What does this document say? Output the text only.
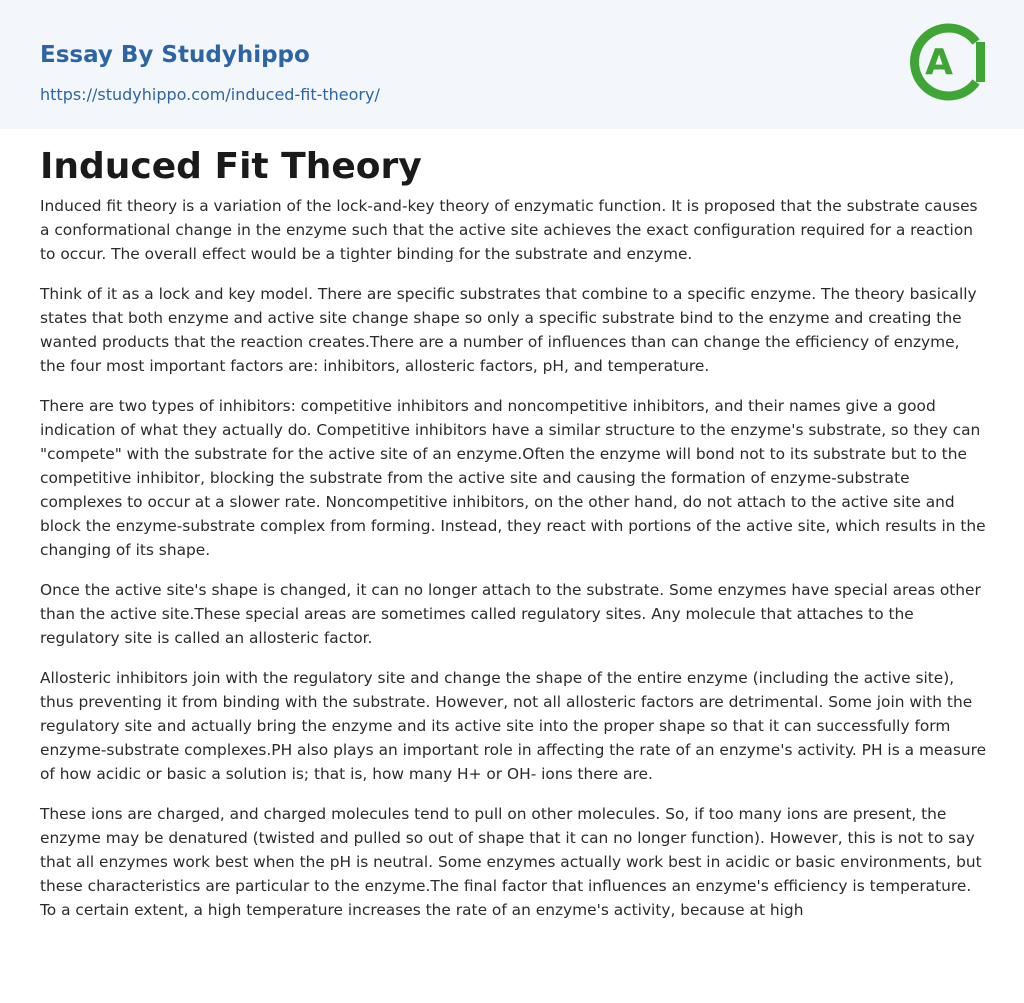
Essay By Studyhippo
https://studyhippo.com/induced-fit-theory/
A
Induced Fit Theory

Induced fit theory is a variation of the lock-and-key theory of enzymatic function. It is proposed that the substrate causes a conformational change in the enzyme such that the active site achieves the exact configuration required for a reaction to occur. The overall effect would be a tighter binding for the substrate and enzyme.

Think of it as a lock and key model. There are specific substrates that combine to a specific enzyme. The theory basically states that both enzyme and active site change shape so only a specific substrate bind to the enzyme and creating the wanted products that the reaction creates.There are a number of influences than can change the efficiency of enzyme, the four most important factors are: inhibitors, allosteric factors, pH, and temperature.

There are two types of inhibitors: competitive inhibitors and noncompetitive inhibitors, and their names give a good indication of what they actually do. Competitive inhibitors have a similar structure to the enzyme's substrate, so they can "compete" with the substrate for the active site of an enzyme.Often the enzyme will bond not to its substrate but to the competitive inhibitor, blocking the substrate from the active site and causing the formation of enzyme-substrate complexes to occur at a slower rate. Noncompetitive inhibitors, on the other hand, do not attach to the active site and block the enzyme-substrate complex from forming. Instead, they react with portions of the active site, which results in the changing of its shape.

Once the active site's shape is changed, it can no longer attach to the substrate. Some enzymes have special areas other than the active site.These special areas are sometimes called regulatory sites. Any molecule that attaches to the regulatory site is called an allosteric factor.

Allosteric inhibitors join with the regulatory site and change the shape of the entire enzyme (including the active site), thus preventing it from binding with the substrate. However, not all allosteric factors are detrimental. Some join with the regulatory site and actually bring the enzyme and its active site into the proper shape so that it can successfully form enzyme-substrate complexes.PH also plays an important role in affecting the rate of an enzyme's activity. PH is a measure of how acidic or basic a solution is; that is, how many H+ or OH- ions there are.

These ions are charged, and charged molecules tend to pull on other molecules. So, if too many ions are present, the enzyme may be denatured (twisted and pulled so out of shape that it can no longer function). However, this is not to say that all enzymes work best when the pH is neutral. Some enzymes actually work best in acidic or basic environments, but these characteristics are particular to the enzyme.The final factor that influences an enzyme's efficiency is temperature. To a certain extent, a high temperature increases the rate of an enzyme's activity, because at high
